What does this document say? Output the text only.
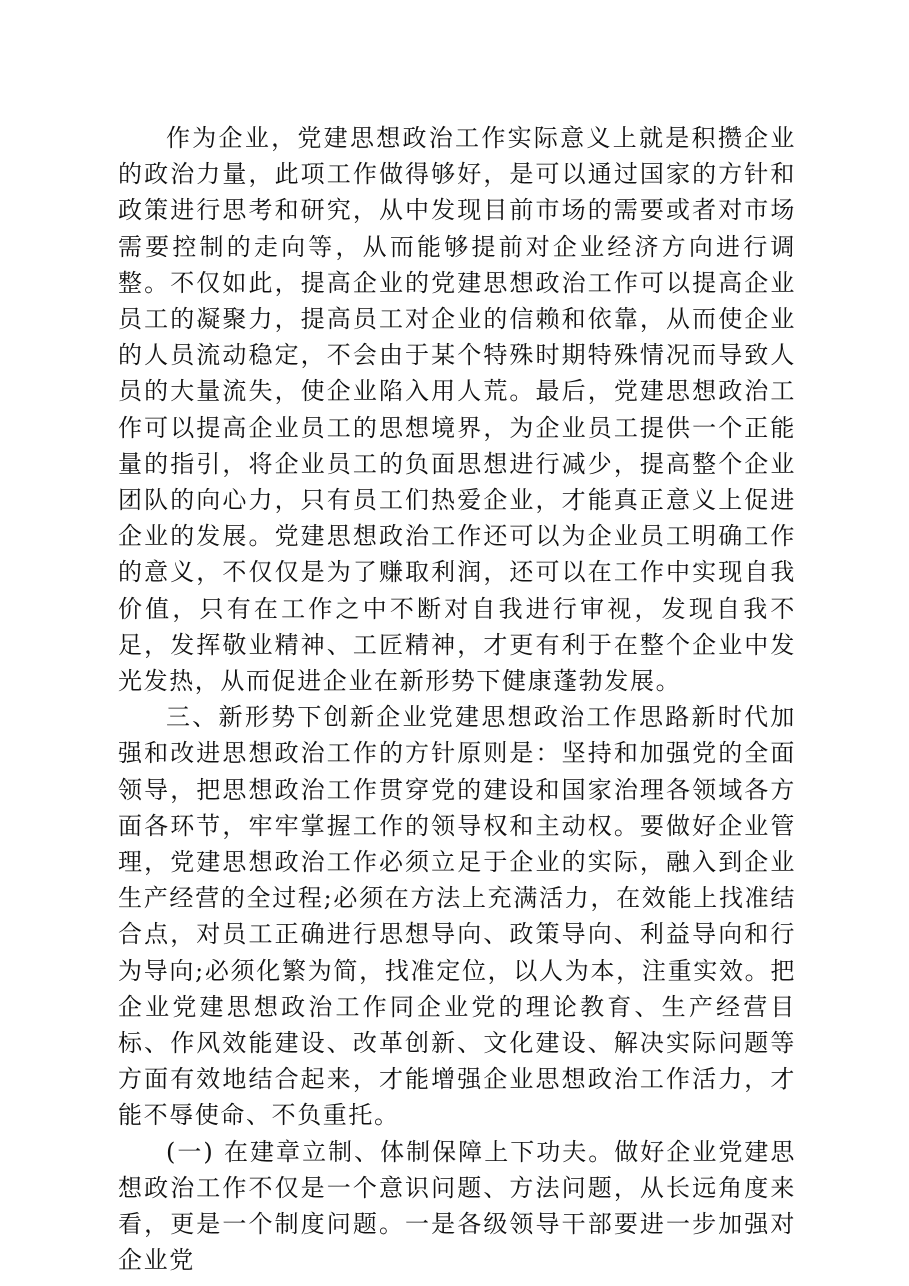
作为企业，党建思想政治工作实际意义上就是积攒企业的政治力量，此项工作做得够好，是可以通过国家的方针和政策进行思考和研究，从中发现目前市场的需要或者对市场需要控制的走向等，从而能够提前对企业经济方向进行调整。不仅如此，提高企业的党建思想政治工作可以提高企业员工的凝聚力，提高员工对企业的信赖和依靠，从而使企业的人员流动稳定，不会由于某个特殊时期特殊情况而导致人员的大量流失，使企业陷入用人荒。最后，党建思想政治工作可以提高企业员工的思想境界，为企业员工提供一个正能量的指引，将企业员工的负面思想进行减少，提高整个企业团队的向心力，只有员工们热爱企业，才能真正意义上促进企业的发展。党建思想政治工作还可以为企业员工明确工作的意义，不仅仅是为了赚取利润，还可以在工作中实现自我价值，只有在工作之中不断对自我进行审视，发现自我不足，发挥敬业精神、工匠精神，才更有利于在整个企业中发光发热，从而促进企业在新形势下健康蓬勃发展。

三、新形势下创新企业党建思想政治工作思路新时代加强和改进思想政治工作的方针原则是：坚持和加强党的全面领导，把思想政治工作贯穿党的建设和国家治理各领域各方面各环节，牢牢掌握工作的领导权和主动权。要做好企业管理，党建思想政治工作必须立足于企业的实际，融入到企业生产经营的全过程;必须在方法上充满活力，在效能上找准结合点，对员工正确进行思想导向、政策导向、利益导向和行为导向;必须化繁为简，找准定位，以人为本，注重实效。把企业党建思想政治工作同企业党的理论教育、生产经营目标、作风效能建设、改革创新、文化建设、解决实际问题等方面有效地结合起来，才能增强企业思想政治工作活力，才能不辱使命、不负重托。

(一) 在建章立制、体制保障上下功夫。做好企业党建思想政治工作不仅是一个意识问题、方法问题，从长远角度来看，更是一个制度问题。一是各级领导干部要进一步加强对企业党
